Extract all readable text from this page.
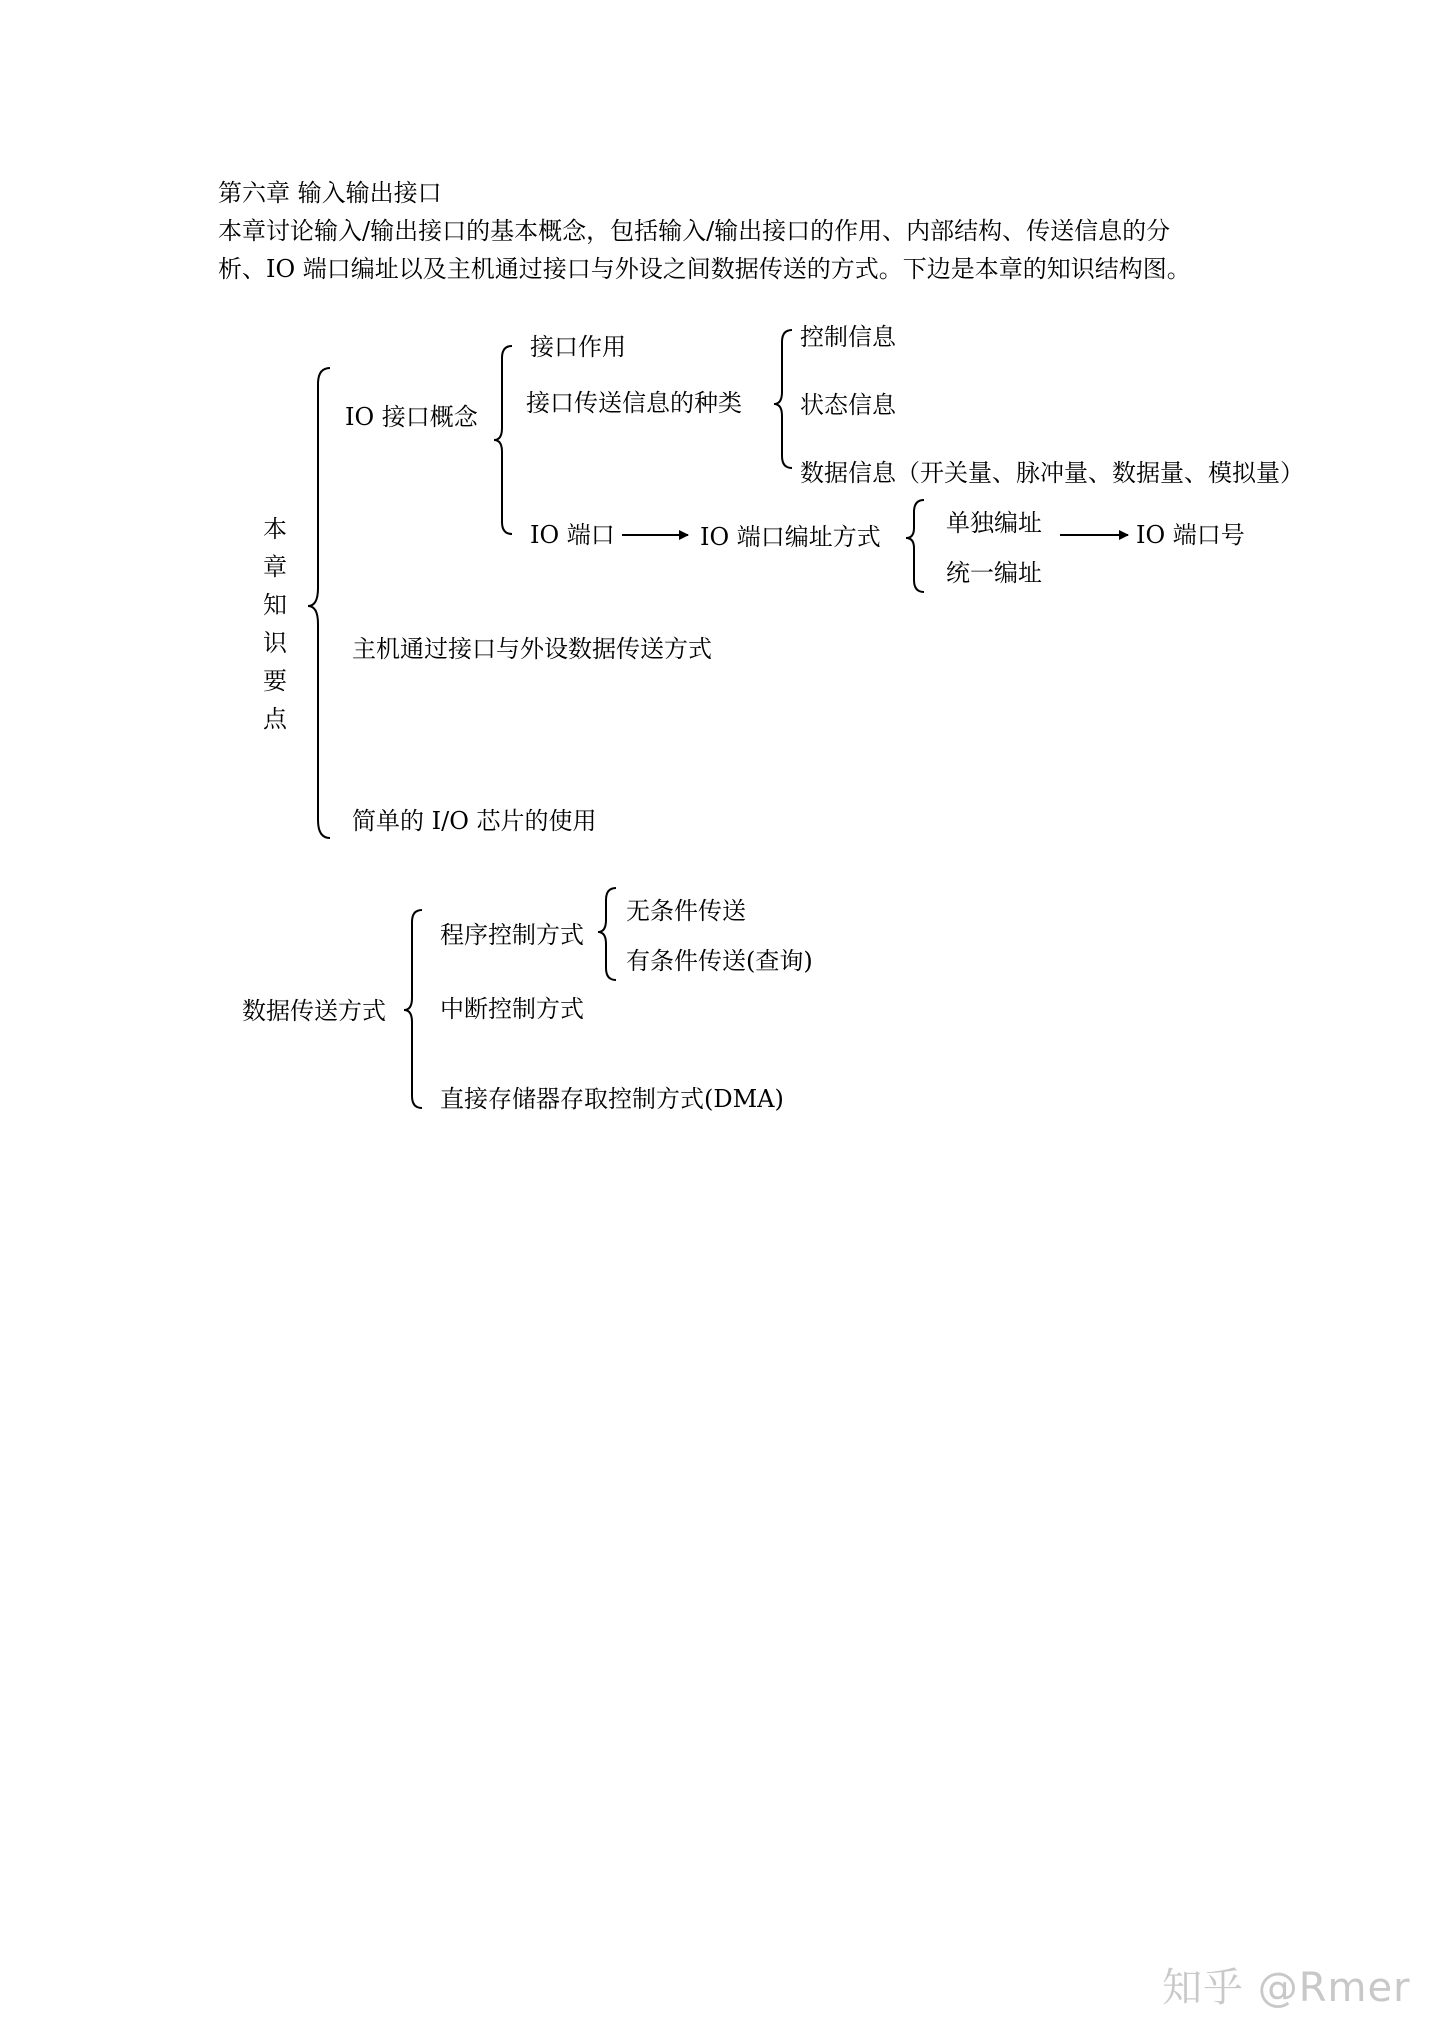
第六章 输入输出接口
本章讨论输入/输出接口的基本概念，包括输入/输出接口的作用、内部结构、传送信息的分
析、IO 端口编址以及主机通过接口与外设之间数据传送的方式。下边是本章的知识结构图。
本
章
知
识
要
点
IO 接口概念
接口作用
接口传送信息的种类
控制信息
状态信息
数据信息（开关量、脉冲量、数据量、模拟量）
IO 端口	IO 端口编址方式	单独编址
统一编址
IO 端口号
主机通过接口与外设数据传送方式
简单的 I/O 芯片的使用
数据传送方式
程序控制方式
无条件传送
有条件传送(查询)
中断控制方式
直接存储器存取控制方式(DMA)
知乎 @Rmer
